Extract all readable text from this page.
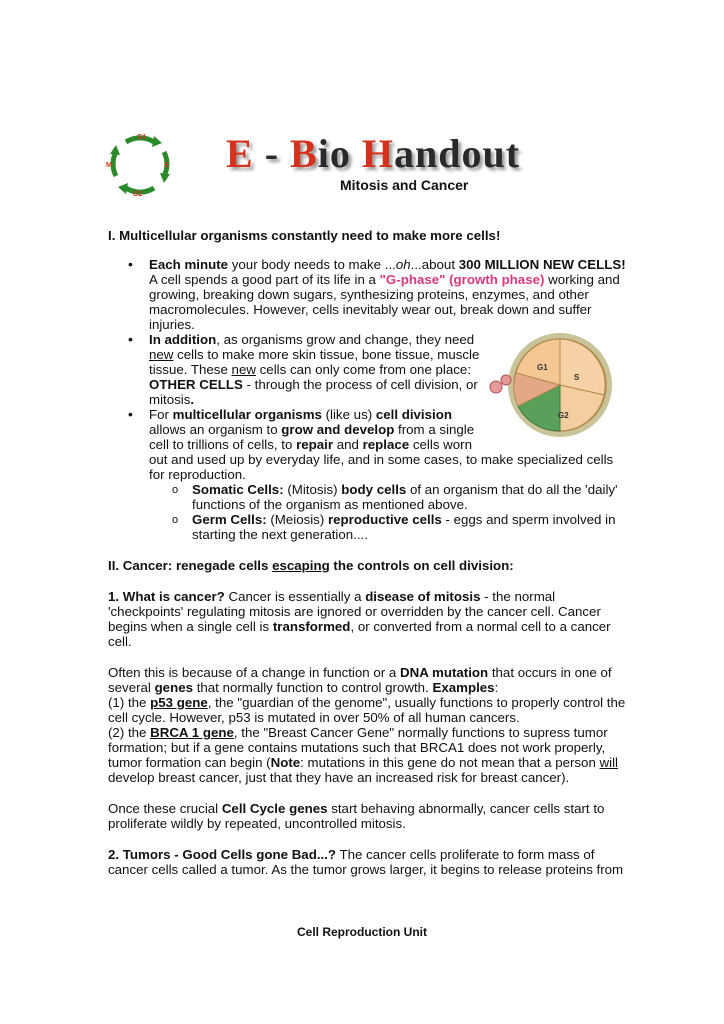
G1
S
G2
M	E - Bio Handout
Mitosis and Cancer
I. Multicellular organisms constantly need to make more cells!
• Each minute your body needs to make ...oh...about 300 MILLION NEW CELLS!
A cell spends a good part of its life in a "G-phase" (growth phase) working and
growing, breaking down sugars, synthesizing proteins, enzymes, and other
macromolecules. However, cells inevitably wear out, break down and suffer
injuries.
• In addition, as organisms grow and change, they need
new cells to make more skin tissue, bone tissue, muscle
tissue. These new cells can only come from one place:
OTHER CELLS - through the process of cell division, or
mitosis.
• For multicellular organisms (like us) cell division
allows an organism to grow and develop from a single
cell to trillions of cells, to repair and replace cells worn
out and used up by everyday life, and in some cases, to make specialized cells
for reproduction.
o Somatic Cells: (Mitosis) body cells of an organism that do all the 'daily'
functions of the organism as mentioned above.
o Germ Cells: (Meiosis) reproductive cells - eggs and sperm involved in
starting the next generation....
G1
S
G2
II. Cancer: renegade cells escaping the controls on cell division:
1. What is cancer? Cancer is essentially a disease of mitosis - the normal
'checkpoints' regulating mitosis are ignored or overridden by the cancer cell. Cancer
begins when a single cell is transformed, or converted from a normal cell to a cancer
cell.
Often this is because of a change in function or a DNA mutation that occurs in one of
several genes that normally function to control growth. Examples:
(1) the p53 gene, the "guardian of the genome", usually functions to properly control the
cell cycle. However, p53 is mutated in over 50% of all human cancers.
(2) the BRCA 1 gene, the "Breast Cancer Gene" normally functions to supress tumor
formation; but if a gene contains mutations such that BRCA1 does not work properly,
tumor formation can begin (Note: mutations in this gene do not mean that a person will
develop breast cancer, just that they have an increased risk for breast cancer).
Once these crucial Cell Cycle genes start behaving abnormally, cancer cells start to
proliferate wildly by repeated, uncontrolled mitosis.
2. Tumors - Good Cells gone Bad...? The cancer cells proliferate to form mass of
cancer cells called a tumor. As the tumor grows larger, it begins to release proteins from
Cell Reproduction Unit
